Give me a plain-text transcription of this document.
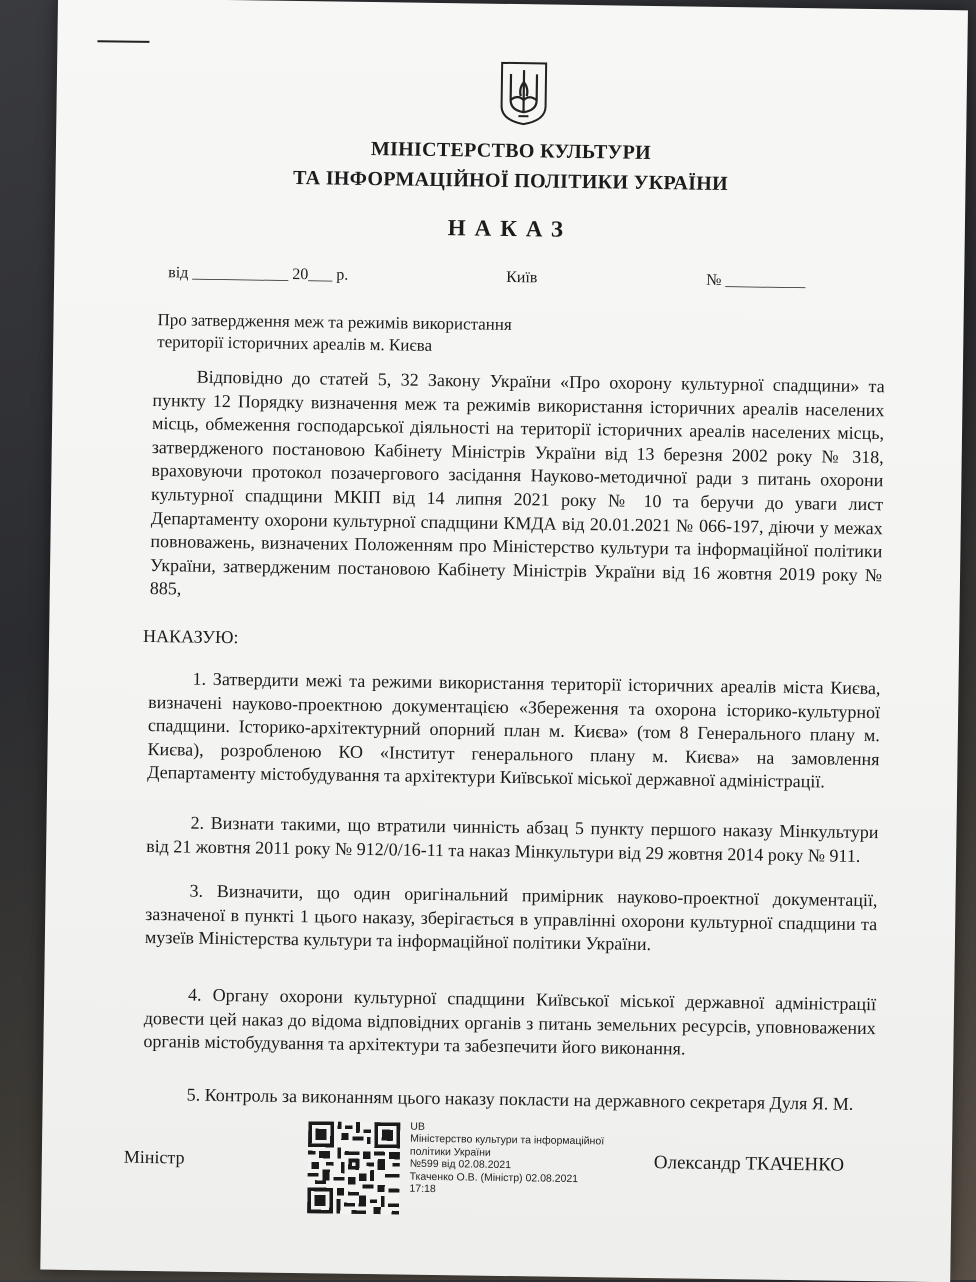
МІНІСТЕРСТВО КУЛЬТУРИ
ТА ІНФОРМАЦІЙНОЇ ПОЛІТИКИ УКРАЇНИ
НАКАЗ
від ____________ 20___ р.	Київ	№ __________
Про затвердження меж та режимів використання
території історичних ареалів м. Києва
Відповідно до статей 5, 32 Закону України «Про охорону культурної спадщини» та пункту 12 Порядку визначення меж та режимів використання історичних ареалів населених місць, обмеження господарської діяльності на території історичних ареалів населених місць, затвердженого постановою Кабінету Міністрів України від 13 березня 2002 року № 318, враховуючи протокол позачергового засідання Науково-методичної ради з питань охорони культурної спадщини МКІП від 14 липня 2021 року № 10 та беручи до уваги лист Департаменту охорони культурної спадщини КМДА від 20.01.2021 № 066-197, діючи у межах повноважень, визначених Положенням про Міністерство культури та інформаційної політики України, затвердженим постановою Кабінету Міністрів України від 16 жовтня 2019 року № 885,
НАКАЗУЮ:
1. Затвердити межі та режими використання території історичних ареалів міста Києва, визначені науково-проектною документацією «Збереження та охорона історико-культурної спадщини. Історико-архітектурний опорний план м. Києва» (том 8 Генерального плану м. Києва), розробленою КО «Інститут генерального плану м. Києва» на замовлення Департаменту містобудування та архітектури Київської міської державної адміністрації.
2. Визнати такими, що втратили чинність абзац 5 пункту першого наказу Мінкультури від 21 жовтня 2011 року № 912/0/16-11 та наказ Мінкультури від 29 жовтня 2014 року № 911.
3. Визначити, що один оригінальний примірник науково-проектної документації, зазначеної в пункті 1 цього наказу, зберігається в управлінні охорони культурної спадщини та музеїв Міністерства культури та інформаційної політики України.
4. Органу охорони культурної спадщини Київської міської державної адміністрації довести цей наказ до відома відповідних органів з питань земельних ресурсів, уповноважених органів містобудування та архітектури та забезпечити його виконання.
5. Контроль за виконанням цього наказу покласти на державного секретаря Дуля Я. М.
Міністр
UB
Міністерство культури та інформаційної
політики України
№599 від 02.08.2021
Ткаченко О.В. (Міністр) 02.08.2021
17:18
Олександр ТКАЧЕНКО
